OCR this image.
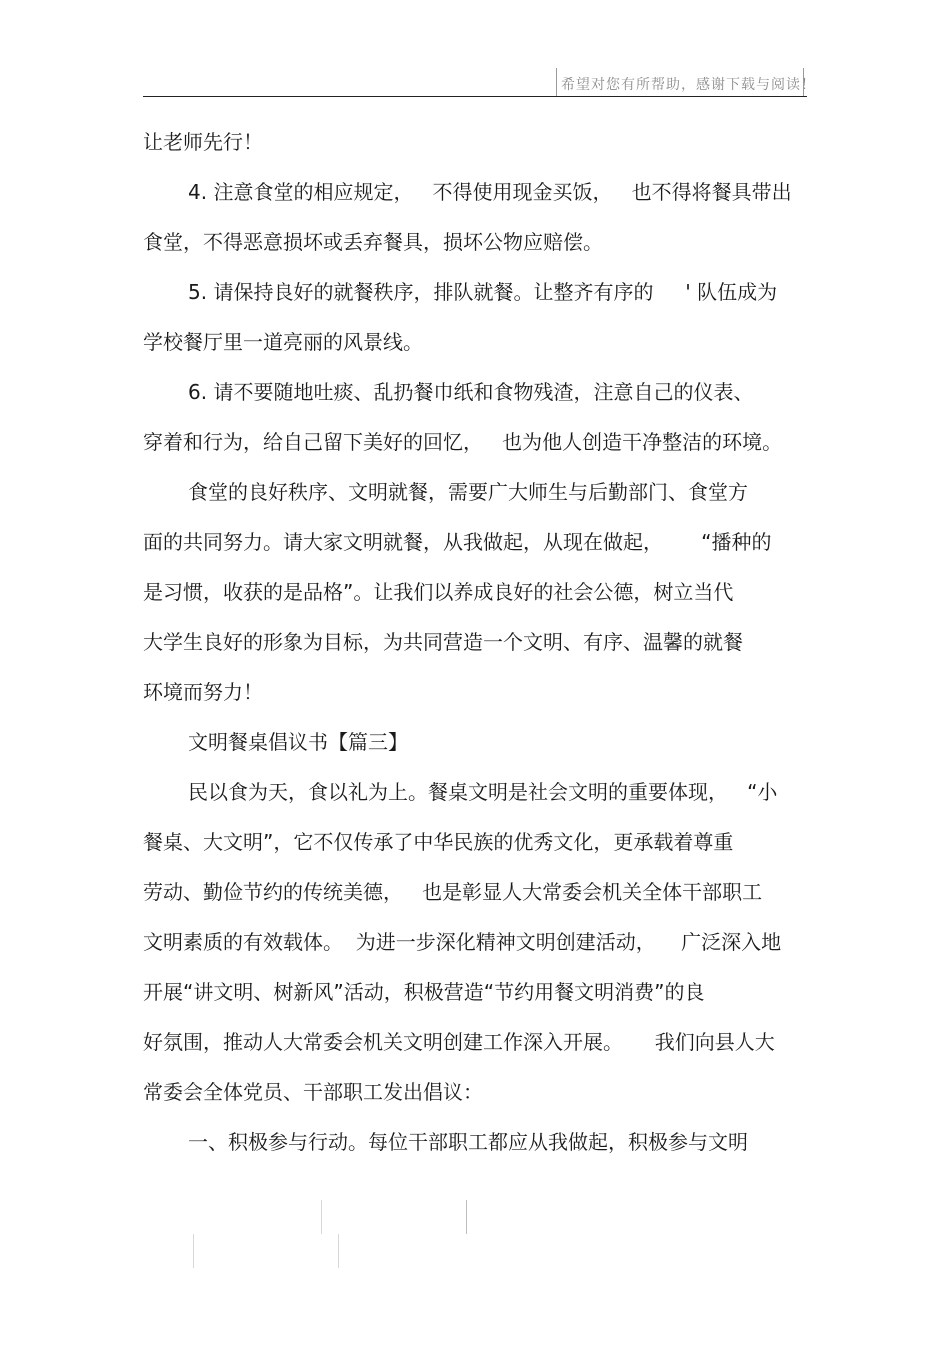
希望对您有所帮助，感谢下载与阅读！
让老师先行！
4. 注意食堂的相应规定，   不得使用现金买饭，   也不得将餐具带出
食堂，不得恶意损坏或丢弃餐具，损坏公物应赔偿。
5. 请保持良好的就餐秩序，排队就餐。让整齐有序的     ' 队伍成为
学校餐厅里一道亮丽的风景线。
6. 请不要随地吐痰、乱扔餐巾纸和食物残渣，注意自己的仪表、
穿着和行为，给自己留下美好的回忆，   也为他人创造干净整洁的环境。
食堂的良好秩序、文明就餐，需要广大师生与后勤部门、食堂方
面的共同努力。请大家文明就餐，从我做起，从现在做起，      “播种的
是习惯，收获的是品格”。让我们以养成良好的社会公德，树立当代
大学生良好的形象为目标，为共同营造一个文明、有序、温馨的就餐
环境而努力！
文明餐桌倡议书【篇三】
民以食为天，食以礼为上。餐桌文明是社会文明的重要体现，   “小
餐桌、大文明”，它不仅传承了中华民族的优秀文化，更承载着尊重
劳动、勤俭节约的传统美德，   也是彰显人大常委会机关全体干部职工
文明素质的有效载体。  为进一步深化精神文明创建活动，    广泛深入地
开展“讲文明、树新风”活动，积极营造“节约用餐文明消费”的良
好氛围，推动人大常委会机关文明创建工作深入开展。     我们向县人大
常委会全体党员、干部职工发出倡议：
一、积极参与行动。每位干部职工都应从我做起，积极参与文明
